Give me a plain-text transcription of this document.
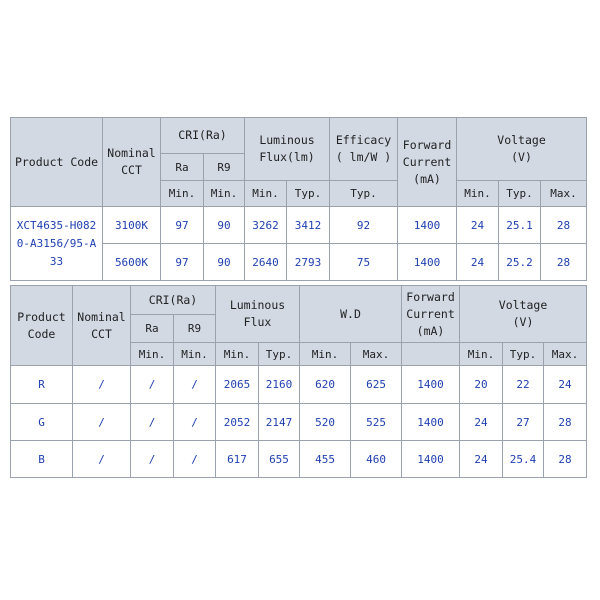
Product Code	Nominal
CCT	CRI(Ra)		Luminous
Flux(lm)		Efficacy
( lm/W )	Forward
Current
(mA)	Voltage
(V)		
		Ra	R9							
		Min.	Min.	Min.	Typ.	Typ.		Min.	Typ.	Max.
XCT4635-H082
0-A3156/95-A
33	3100K	97	90	3262	3412	92	1400	24	25.1	28
	5600K	97	90	2640	2793	75	1400	24	25.2	28
Product
Code	Nominal
CCT	CRI(Ra)		Luminous
Flux		W.D		Forward
Current
(mA)	Voltage
(V)		
		Ra	R9								
		Min.	Min.	Min.	Typ.	Min.	Max.		Min.	Typ.	Max.
R	/	/	/	2065	2160	620	625	1400	20	22	24
G	/	/	/	2052	2147	520	525	1400	24	27	28
B	/	/	/	617	655	455	460	1400	24	25.4	28
